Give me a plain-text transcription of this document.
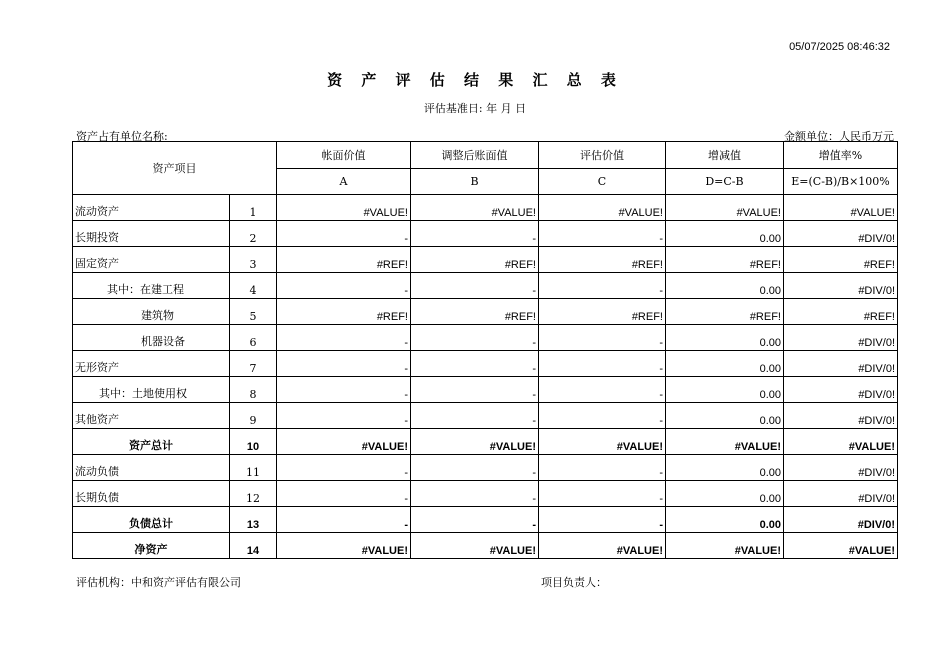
05/07/2025 08:46:32
资 产 评 估 结 果 汇 总 表
评估基准日: 年 月 日
资产占有单位名称:	金额单位：人民币万元
资产项目		帐面价值	调整后账面值	评估价值	增减值	增值率%
		A	B	C	D=C-B	E=(C-B)/B×100%
流动资产	1	#VALUE!	#VALUE!	#VALUE!	#VALUE!	#VALUE!
长期投资	2	-	-	-	0.00	#DIV/0!
固定资产	3	#REF!	#REF!	#REF!	#REF!	#REF!
其中：在建工程	4	-	-	-	0.00	#DIV/0!
建筑物	5	#REF!	#REF!	#REF!	#REF!	#REF!
机器设备	6	-	-	-	0.00	#DIV/0!
无形资产	7	-	-	-	0.00	#DIV/0!
其中：土地使用权	8	-	-	-	0.00	#DIV/0!
其他资产	9	-	-	-	0.00	#DIV/0!
资产总计	10	#VALUE!	#VALUE!	#VALUE!	#VALUE!	#VALUE!
流动负债	11	-	-	-	0.00	#DIV/0!
长期负债	12	-	-	-	0.00	#DIV/0!
负债总计	13	-	-	-	0.00	#DIV/0!
净资产	14	#VALUE!	#VALUE!	#VALUE!	#VALUE!	#VALUE!
评估机构：中和资产评估有限公司	项目负责人：
